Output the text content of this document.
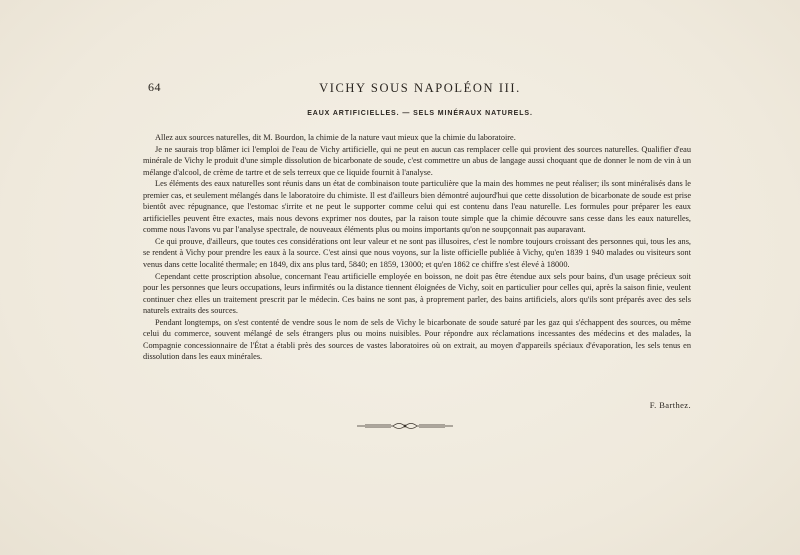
64	VICHY SOUS NAPOLÉON III.
EAUX ARTIFICIELLES. — SELS MINÉRAUX NATURELS.

Allez aux sources naturelles, dit M. Bourdon, la chimie de la nature vaut mieux que la chimie du laboratoire.

Je ne saurais trop blâmer ici l'emploi de l'eau de Vichy artificielle, qui ne peut en aucun cas remplacer celle qui provient des sources naturelles. Qualifier d'eau minérale de Vichy le produit d'une simple dissolution de bicarbonate de soude, c'est commettre un abus de langage aussi choquant que de donner le nom de vin à un mélange d'alcool, de crème de tartre et de sels terreux que ce liquide fournit à l'analyse.

Les éléments des eaux naturelles sont réunis dans un état de combinaison toute particulière que la main des hommes ne peut réaliser; ils sont minéralisés dans le premier cas, et seulement mélangés dans le laboratoire du chimiste. Il est d'ailleurs bien démontré aujourd'hui que cette dissolution de bicarbonate de soude est prise bientôt avec répugnance, que l'estomac s'irrite et ne peut le supporter comme celui qui est contenu dans l'eau naturelle. Les formules pour préparer les eaux artificielles peuvent être exactes, mais nous devons exprimer nos doutes, par la raison toute simple que la chimie découvre sans cesse dans les eaux naturelles, comme nous l'avons vu par l'analyse spectrale, de nouveaux éléments plus ou moins importants qu'on ne soupçonnait pas auparavant.

Ce qui prouve, d'ailleurs, que toutes ces considérations ont leur valeur et ne sont pas illusoires, c'est le nombre toujours croissant des personnes qui, tous les ans, se rendent à Vichy pour prendre les eaux à la source. C'est ainsi que nous voyons, sur la liste officielle publiée à Vichy, qu'en 1839 1 940 malades ou visiteurs sont venus dans cette localité thermale; en 1849, dix ans plus tard, 5840; en 1859, 13000; et qu'en 1862 ce chiffre s'est élevé à 18000.

Cependant cette proscription absolue, concernant l'eau artificielle employée en boisson, ne doit pas être étendue aux sels pour bains, d'un usage précieux soit pour les personnes que leurs occupations, leurs infirmités ou la distance tiennent éloignées de Vichy, soit en particulier pour celles qui, après la saison finie, veulent continuer chez elles un traitement prescrit par le médecin. Ces bains ne sont pas, à proprement parler, des bains artificiels, alors qu'ils sont préparés avec des sels naturels extraits des sources.

Pendant longtemps, on s'est contenté de vendre sous le nom de sels de Vichy le bicarbonate de soude saturé par les gaz qui s'échappent des sources, ou même celui du commerce, souvent mélangé de sels étrangers plus ou moins nuisibles. Pour répondre aux réclamations incessantes des médecins et des malades, la Compagnie concessionnaire de l'État a établi près des sources de vastes laboratoires où on extrait, au moyen d'appareils spéciaux d'évaporation, les sels tenus en dissolution dans les eaux minérales.

F. Barthez.
